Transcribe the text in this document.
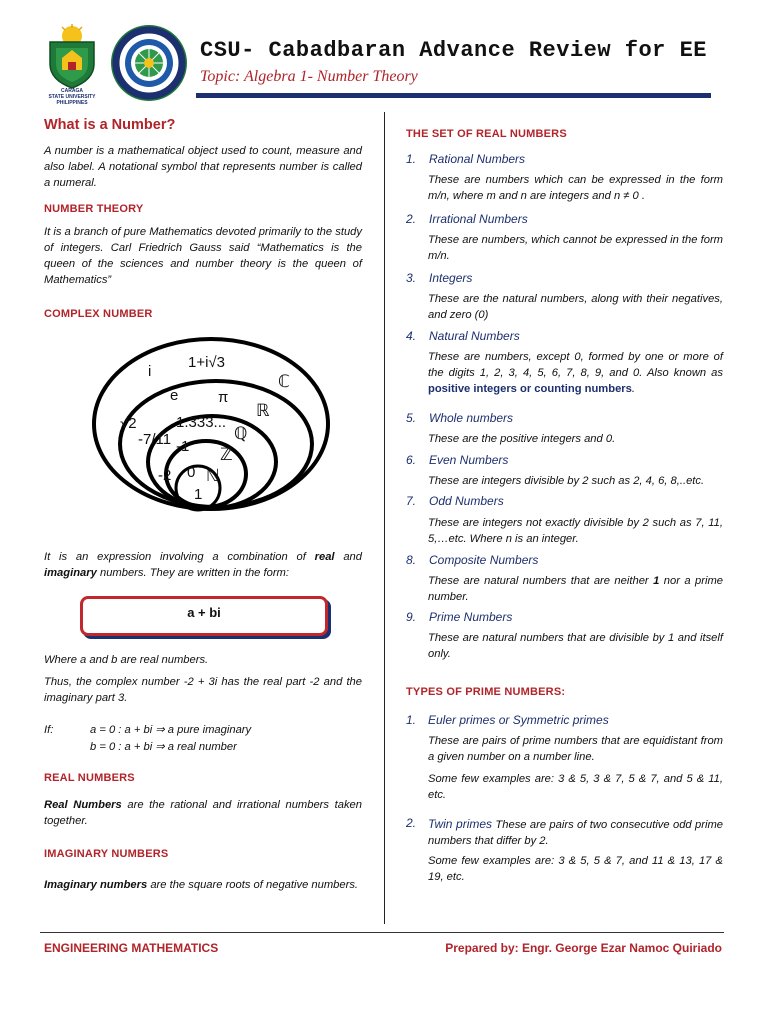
CARAGA
STATE UNIVERSITY
PHILIPPINES
CSU- Cabadbaran Advance Review for EE
Topic: Algebra 1- Number Theory
What is a Number?
A number is a mathematical object used to count, measure and also label. A notational symbol that represents number is called a numeral.
NUMBER THEORY
It is a branch of pure Mathematics devoted primarily to the study of integers. Carl Friedrich Gauss said “Mathematics is the queen of the sciences and number theory is the queen of Mathematics”
COMPLEX NUMBER
1+i√3
i
ℂ
e	π
ℝ
√2	1.333...
-7/11	ℚ
-1 ℤ
-2 0 ℕ
1
It is an expression involving a combination of real and imaginary numbers. They are written in the form:
a + bi
Where a and b are real numbers.
Thus, the complex number -2 + 3i has the real part -2 and the imaginary part 3.
If:	a = 0 : a + bi ⇒ a pure imaginary
b = 0 : a + bi ⇒ a real number
REAL NUMBERS
Real Numbers are the rational and irrational numbers taken together.
IMAGINARY NUMBERS
Imaginary numbers are the square roots of negative numbers.
THE SET OF REAL NUMBERS
1. Rational Numbers
These are numbers which can be expressed in the form m/n, where m and n are integers and n ≠ 0 .
2. Irrational Numbers
These are numbers, which cannot be expressed in the form m/n.
3. Integers
These are the natural numbers, along with their negatives, and zero (0)
4. Natural Numbers
These are numbers, except 0, formed by one or more of the digits 1, 2, 3, 4, 5, 6, 7, 8, 9, and 0. Also known as positive integers or counting numbers.
5. Whole numbers
These are the positive integers and 0.
6. Even Numbers
These are integers divisible by 2 such as 2, 4, 6, 8,..etc.
7. Odd Numbers
These are integers not exactly divisible by 2 such as 7, 11, 5,…etc. Where n is an integer.
8. Composite Numbers
These are natural numbers that are neither 1 nor a prime number.
9. Prime Numbers
These are natural numbers that are divisible by 1 and itself only.
TYPES OF PRIME NUMBERS:
1. Euler primes or Symmetric primes
These are pairs of prime numbers that are equidistant from a given number on a number line.
Some few examples are: 3 & 5, 3 & 7, 5 & 7, and 5 & 11, etc.
2. Twin primes These are pairs of two consecutive odd prime numbers that differ by 2.
Some few examples are: 3 & 5, 5 & 7, and 11 & 13, 17 & 19, etc.
ENGINEERING MATHEMATICS	Prepared by: Engr. George Ezar Namoc Quiriado
